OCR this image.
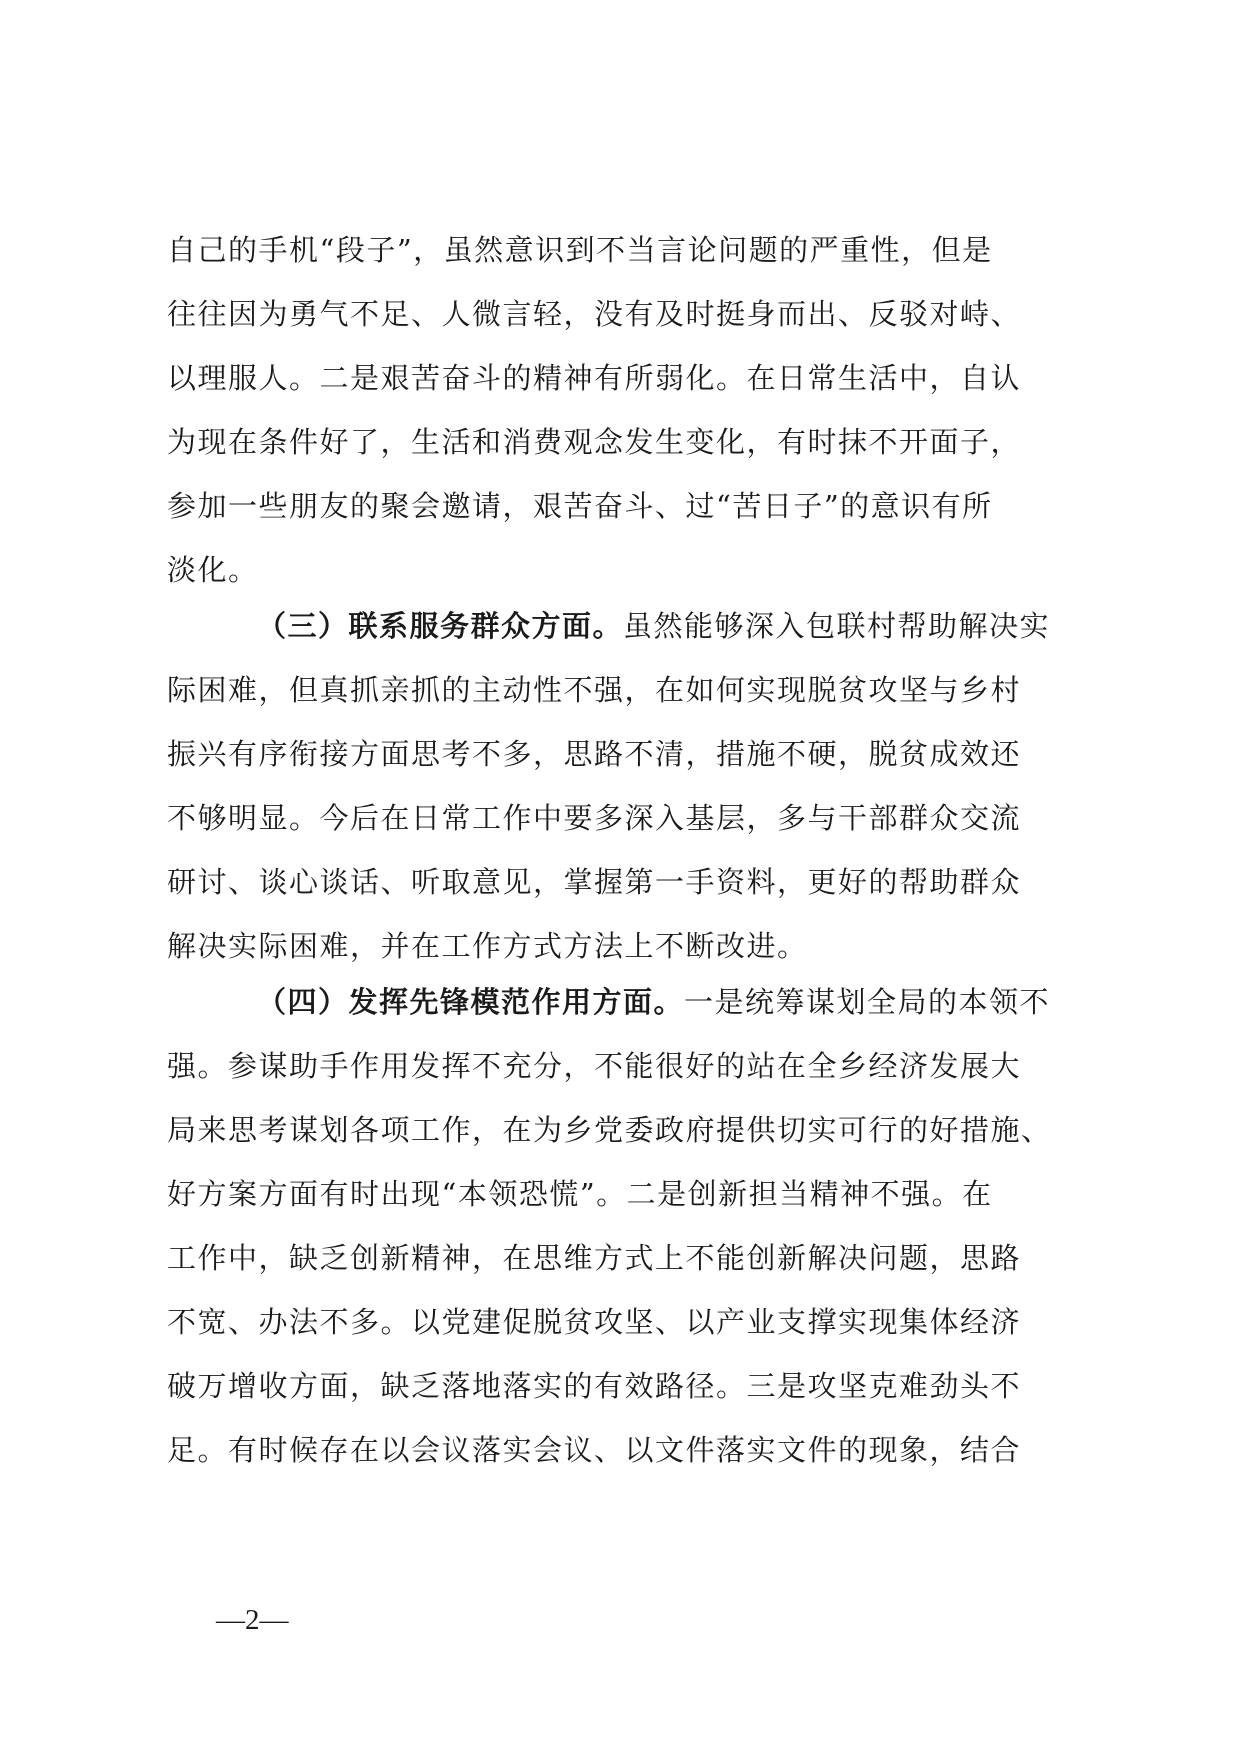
自己的手机“段子”，虽然意识到不当言论问题的严重性，但是
往往因为勇气不足、人微言轻，没有及时挺身而出、反驳对峙、
以理服人。二是艰苦奋斗的精神有所弱化。在日常生活中，自认
为现在条件好了，生活和消费观念发生变化，有时抹不开面子，
参加一些朋友的聚会邀请，艰苦奋斗、过“苦日子”的意识有所
淡化。
（三）联系服务群众方面。虽然能够深入包联村帮助解决实
际困难，但真抓亲抓的主动性不强，在如何实现脱贫攻坚与乡村
振兴有序衔接方面思考不多，思路不清，措施不硬，脱贫成效还
不够明显。今后在日常工作中要多深入基层，多与干部群众交流
研讨、谈心谈话、听取意见，掌握第一手资料，更好的帮助群众
解决实际困难，并在工作方式方法上不断改进。
（四）发挥先锋模范作用方面。一是统筹谋划全局的本领不
强。参谋助手作用发挥不充分，不能很好的站在全乡经济发展大
局来思考谋划各项工作，在为乡党委政府提供切实可行的好措施、
好方案方面有时出现“本领恐慌”。二是创新担当精神不强。在
工作中，缺乏创新精神，在思维方式上不能创新解决问题，思路
不宽、办法不多。以党建促脱贫攻坚、以产业支撑实现集体经济
破万增收方面，缺乏落地落实的有效路径。三是攻坚克难劲头不
足。有时候存在以会议落实会议、以文件落实文件的现象，结合
—2—
